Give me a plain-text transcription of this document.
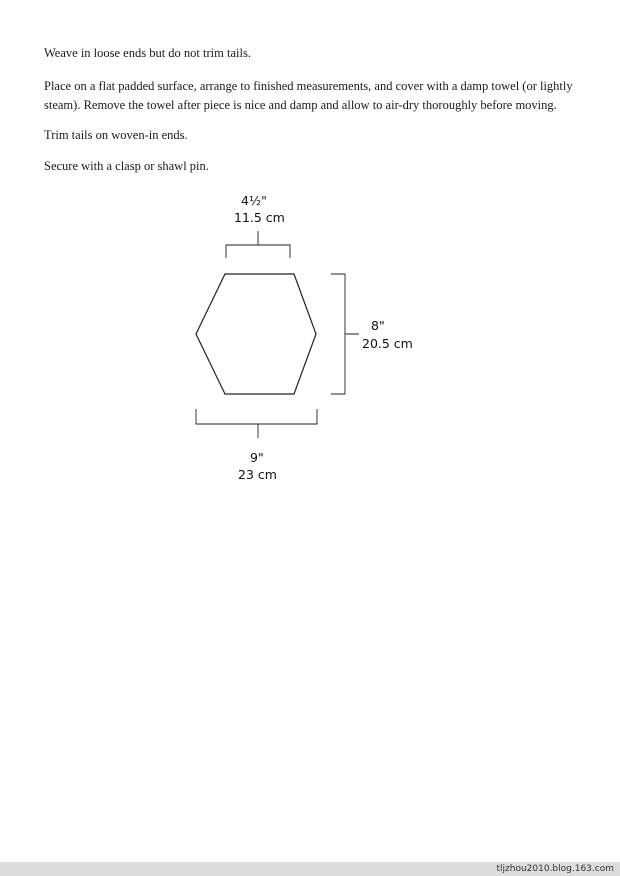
Weave in loose ends but do not trim tails.

Place on a flat padded surface, arrange to finished measurements, and cover with a damp towel (or lightly steam). Remove the towel after piece is nice and damp and allow to air-dry thoroughly before moving.

Trim tails on woven-in ends.

Secure with a clasp or shawl pin.

4½"
11.5 cm
8"
20.5 cm
9"
23 cm
tljzhou2010.blog.163.com
